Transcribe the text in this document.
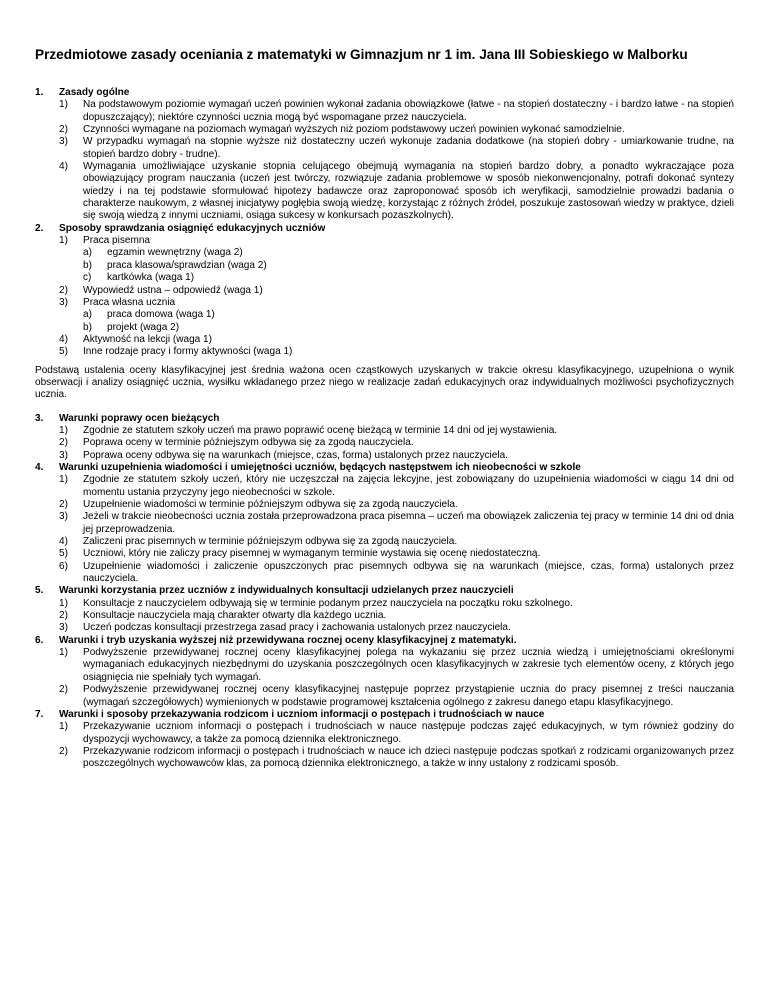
Przedmiotowe zasady oceniania z matematyki w Gimnazjum nr 1 im. Jana III Sobieskiego w Malborku
1. Zasady ogólne
1) Na podstawowym poziomie wymagań uczeń powinien wykonał zadania obowiązkowe (łatwe - na stopień dostateczny - i bardzo łatwe - na stopień dopuszczający); niektóre czynności ucznia mogą być wspomagane przez nauczyciela.
2) Czynności wymagane na poziomach wymagań wyższych niż poziom podstawowy uczeń powinien wykonać samodzielnie.
3) W przypadku wymagań na stopnie wyższe niż dostateczny uczeń wykonuje zadania dodatkowe (na stopień dobry - umiarkowanie trudne, na stopień bardzo dobry - trudne).
4) Wymagania umożliwiające uzyskanie stopnia celującego obejmują wymagania na stopień bardzo dobry, a ponadto wykraczające poza obowiązujący program nauczania (uczeń jest twórczy, rozwiązuje zadania problemowe w sposób niekonwencjonalny, potrafi dokonać syntezy wiedzy i na tej podstawie sformułować hipotezy badawcze oraz zaproponować sposób ich weryfikacji, samodzielnie prowadzi badania o charakterze naukowym, z własnej inicjatywy pogłębia swoją wiedzę, korzystając z różnych źródeł, poszukuje zastosowań wiedzy w praktyce, dzieli się swoją wiedzą z innymi uczniami, osiąga sukcesy w konkursach pozaszkolnych).
2. Sposoby sprawdzania osiągnięć edukacyjnych uczniów
1) Praca pisemna
a) egzamin wewnętrzny (waga 2)
b) praca klasowa/sprawdzian (waga 2)
c) kartkówka (waga 1)
2) Wypowiedź ustna – odpowiedź (waga 1)
3) Praca własna ucznia
a) praca domowa (waga 1)
b) projekt (waga 2)
4) Aktywność na lekcji (waga 1)
5) Inne rodzaje pracy i formy aktywności (waga 1)
Podstawą ustalenia oceny klasyfikacyjnej jest średnia ważona ocen cząstkowych uzyskanych w trakcie okresu klasyfikacyjnego, uzupełniona o wynik obserwacji i analizy osiągnięć ucznia, wysiłku wkładanego przez niego w realizacje zadań edukacyjnych oraz indywidualnych możliwości psychofizycznych ucznia.
3. Warunki poprawy ocen bieżących
1) Zgodnie ze statutem szkoły uczeń ma prawo poprawić ocenę bieżącą w terminie 14 dni od jej wystawienia.
2) Poprawa oceny w terminie późniejszym odbywa się za zgodą nauczyciela.
3) Poprawa oceny odbywa się na warunkach (miejsce, czas, forma) ustalonych przez nauczyciela.
4. Warunki uzupełnienia wiadomości i umiejętności uczniów, będących następstwem ich nieobecności w szkole
1) Zgodnie ze statutem szkoły uczeń, który nie uczęszczał na zajęcia lekcyjne, jest zobowiązany do uzupełnienia wiadomości w ciągu 14 dni od momentu ustania przyczyny jego nieobecności w szkole.
2) Uzupełnienie wiadomości w terminie późniejszym odbywa się za zgodą nauczyciela.
3) Jeżeli w trakcie nieobecności ucznia została przeprowadzona praca pisemna – uczeń ma obowiązek zaliczenia tej pracy w terminie 14 dni od dnia jej przeprowadzenia.
4) Zaliczeni prac pisemnych w terminie późniejszym odbywa się za zgodą nauczyciela.
5) Uczniowi, który nie zaliczy pracy pisemnej w wymaganym terminie wystawia się ocenę niedostateczną.
6) Uzupełnienie wiadomości i zaliczenie opuszczonych prac pisemnych odbywa się na warunkach (miejsce, czas, forma) ustalonych przez nauczyciela.
5. Warunki korzystania przez uczniów z indywidualnych konsultacji udzielanych przez nauczycieli
1) Konsultacje z nauczycielem odbywają się w terminie podanym przez nauczyciela na początku roku szkolnego.
2) Konsultacje nauczyciela mają charakter otwarty dla każdego ucznia.
3) Uczeń podczas konsultacji przestrzega zasad pracy i zachowania ustalonych przez nauczyciela.
6. Warunki i tryb uzyskania wyższej niż przewidywana rocznej oceny klasyfikacyjnej z matematyki.
1) Podwyższenie przewidywanej rocznej oceny klasyfikacyjnej polega na wykazaniu się przez ucznia wiedzą i umiejętnościami określonymi wymaganiach edukacyjnych niezbędnymi do uzyskania poszczególnych ocen klasyfikacyjnych w zakresie tych elementów oceny, z których jego osiągnięcia nie spełniały tych wymagań.
2) Podwyższenie przewidywanej rocznej oceny klasyfikacyjnej następuje poprzez przystąpienie ucznia do pracy pisemnej z treści nauczania (wymagań szczegółowych) wymienionych w podstawie programowej kształcenia ogólnego z zakresu danego etapu klasyfikacyjnego.
7. Warunki i sposoby przekazywania rodzicom i uczniom informacji o postępach i trudnościach w nauce
1) Przekazywanie uczniom informacji o postępach i trudnościach w nauce następuje podczas zajęć edukacyjnych, w tym również godziny do dyspozycji wychowawcy, a także za pomocą dziennika elektronicznego.
2) Przekazywanie rodzicom informacji o postępach i trudnościach w nauce ich dzieci następuje podczas spotkań z rodzicami organizowanych przez poszczególnych wychowawców klas, za pomocą dziennika elektronicznego, a także w inny ustalony z rodzicami sposób.
